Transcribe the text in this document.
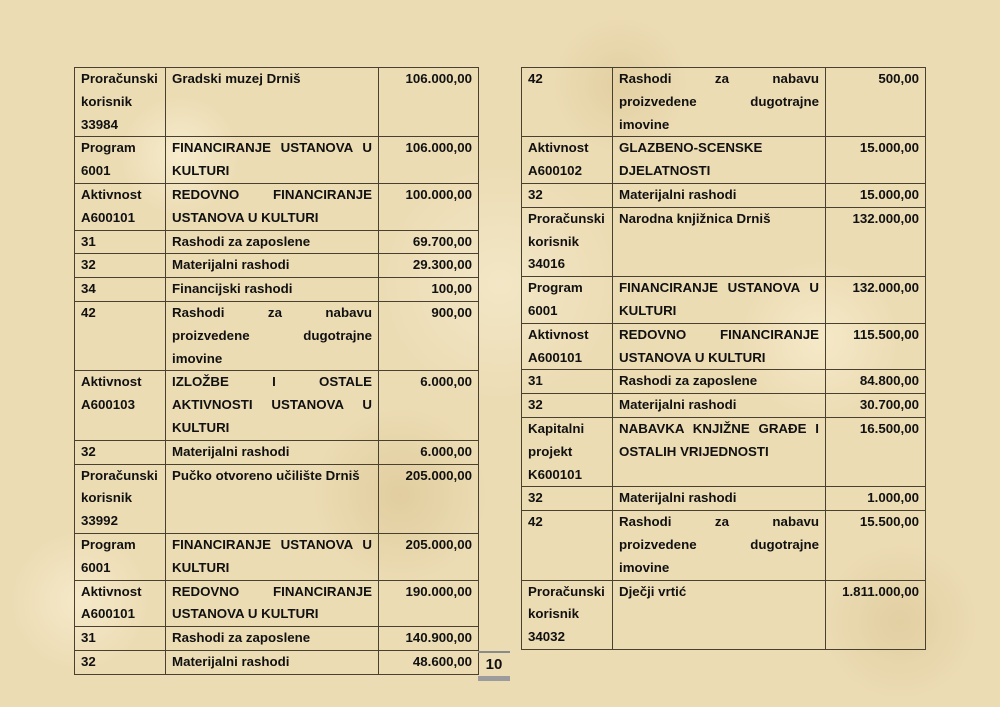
Proračunski korisnik 33984	Gradski muzej Drniš	106.000,00
Program 6001	FINANCIRANJE USTANOVA U KULTURI	106.000,00
Aktivnost A600101	REDOVNO FINANCIRANJE USTANOVA U KULTURI	100.000,00
31	Rashodi za zaposlene	69.700,00
32	Materijalni rashodi	29.300,00
34	Financijski rashodi	100,00
42	Rashodi za nabavu proizvedene dugotrajne imovine	900,00
Aktivnost A600103	IZLOŽBE I OSTALE AKTIVNOSTI USTANOVA U KULTURI	6.000,00
32	Materijalni rashodi	6.000,00
Proračunski korisnik 33992	Pučko otvoreno učilište Drniš	205.000,00
Program 6001	FINANCIRANJE USTANOVA U KULTURI	205.000,00
Aktivnost A600101	REDOVNO FINANCIRANJE USTANOVA U KULTURI	190.000,00
31	Rashodi za zaposlene	140.900,00
32	Materijalni rashodi	48.600,00
42	Rashodi za nabavu proizvedene dugotrajne imovine	500,00
Aktivnost A600102	GLAZBENO-SCENSKE DJELATNOSTI	15.000,00
32	Materijalni rashodi	15.000,00
Proračunski korisnik 34016	Narodna knjižnica Drniš	132.000,00
Program 6001	FINANCIRANJE USTANOVA U KULTURI	132.000,00
Aktivnost A600101	REDOVNO FINANCIRANJE USTANOVA U KULTURI	115.500,00
31	Rashodi za zaposlene	84.800,00
32	Materijalni rashodi	30.700,00
Kapitalni projekt K600101	NABAVKA KNJIŽNE GRAĐE I OSTALIH VRIJEDNOSTI	16.500,00
32	Materijalni rashodi	1.000,00
42	Rashodi za nabavu proizvedene dugotrajne imovine	15.500,00
Proračunski korisnik 34032	Dječji vrtić	1.811.000,00
10
